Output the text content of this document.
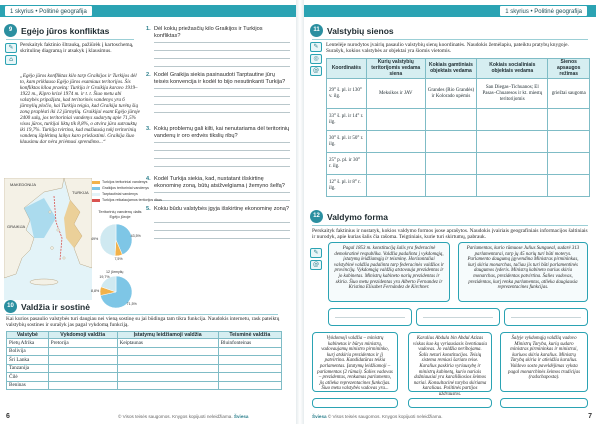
1 skyrius • Politinė geografija
9	Egėjo jūros konfliktas
✎
⌂
Perskaityk faktinio šltrauką, pažiūrėk į kartoschemą, skritulinę diagramą ir atsakyk į klausimus.
„Egėjo jūros konfliktas kilo tarp Graikijos ir Turkijos dėl to, kam priklauso Egėjo jūros esamiaus teritorijos. Šis konfliktas kiloa praeitą: Turkija ir Graikija karavo 1919–1922 m., Kipro krizė 1974 m. ir t. t. Šiuo metu abi valstybės pripažįsta, kad teritorinės vandenys yra 6 jūrmylių pločio, kai Turkija teigia, kad Graikija turėtų šią zoną praplėsti iki 12 jūrmylių. Graikijai esant Egėjo jūroje 2400 salų, jos teritoriniai vandenys sudarytų apie 71,5% visos jūros, turkijai liktų tik 8,8%, o atvira jūra sutrauktų iki 19,7%. Turkija tvirtina, kad mažiausią tokį teritorinių vandenų išplėtimą laikys karo priežastimi. Graikija šiuo klausimu dar nėra priėmusi sprendimo...“
MAKEDONIJA
GRAIKIJA
TURKIJA
Teritorinių vandenų dalis Egėjo jūroje
10 Valdžia ir sostinė
Kai kurios pasaulio valstybės turi daugiau nei vieną sostinę su jai būdinga tam tikra funkcija. Naudokis internetu, rask pateiktų valstybių sostines ir surašyk jas pagal vykdomą funkciją.
Valstybė	Vykdomoji valdžia	Įstatymų leidžiamoji valdžia	Teisminė valdžia
Pietų Afrika	Pretorija	Keiptaunas	Bluinfonteinas
Bolivija			
Šri Lanka			
Tanzanija			
Čilė			
Beninas			
6	© Visos teisės saugomos. Knygos kopijuoti neleidžiama. Šviesa
1. Dėl kokių priežasčių kilo Graikijos ir Turkijos konfliktas?
2. Kodėl Graikija siekia pasinaudoti Tarptautine jūrų teisės konvencija ir kodėl to bijo nesutinkanti Turkija?
3. Kokių problemų gali kilti, kai nenutariama dėl teritorinių vandenų ir oro erdvės tikslių ribų?
4. Kodėl Turkija siekia, kad, nustatant išskirtinę ekonominę zoną, būtų atsižvelgiama į žemyno šelfą?
5. Kokiu būdu valstybės įgyja išskirtinę ekonominę zoną?
Turkijos teritoriniai vandenys
Graikijos teritoriniai vandenys
Tarptautiniai vandenys
Turkijos reikalaujamos teritorijos ribos
43,5%
7,5%
49%
71,5%
8,8%
19,7%
12 jūrmylių
1 skyrius • Politinė geografija
11 Valstybių sienos
✎
◎
@
Lentelėje nurodytos įvairių pasaulio valstybių sienų koordinatės. Naudokis žemėlapiu, pateiktu pratybų knygoje. Surašyk, kokios valstybės ar objektai yra šiomis vietomis.
Koordinatės	Kurių valstybių teritorijomis vedama siena	Kokiais gamtiniais objektais vedama	Kokiais socialiniais objektais vedama	Sienos apsaugos režimas
29° š. pl. ir 130° v. ilg.	Meksikos ir JAV	Grandes (Rio Grandės) ir Kolorado upėmis	San Diegas–Tichuanos; El Pasas–Chuaresos ir kt. miestų teritorijomis	griežtai saugoma
33° š. pl. ir 14° r. ilg.				
30° š. pl. ir 50° r. ilg.				
25° p. pl. ir 30° r. ilg.				
12° š. pl. ir 8° r. ilg.				
12 Valdymo forma
Perskaityk faktinius ir nustatyk, kokios valdymo formos įsose aprašytos. Naudokis įvairiais geografiniais informacijos šaltiniais ir nurodyk, apie kurias šalis čia rašoma. Teigtiniais, kurie turi skirtumų, pabrauk.
✎
@
Pagal 1853 m. konstituciją šalis yra federacinė demokratinė respublika. Valdžia padalinta į vykdomąją, įstatymų leidžiamąją ir teisminę. Horizontaliai valstybinė valdžia padalinta tarp federacinės valdžios ir provincijų. Vykdomąją valdžią atstovauja prezidentas ir jo kabinetas. Ministrų kabineto narių prezidentas ir skiria. Šiuo metu prezidentas yra Alberto Fernandez ir Kristina Elisabet Fernández de Kirchner.
Parlamentas, kurio rūmuose Julius Sungueal, sudarė 313 parlamentarai, tarp jų 45 narių turi būti moterys. Parlamento daugumą įgyvendina Ministras pirmininkas, kurį skiria monarchas, tačiau jis turi būti parlamentinės daugumos lyderis. Ministrų kabineto narius skiria monarchas, prezidentas patvirtina. Šalies vadovas, prezidentas, kurį renka parlamentas, atlieka daugiausia reprezentacines funkcijas.
Vykdomoji valdžia – ministrų kabinetas ir būrys ministrų, vadovaujamų ministro pirmininko, kurį atskiria prezidentas ir jį patvirtina. Kandidatūras teikia parlamentas. Įstatymų leidžiamoji – parlamentas (2 rūmai). Šalies vadovas – prezidentas, renkamas parlamento, jis atlieka reprezentacines funkcijas. Šiuo metu valstybės vadovas yra...
Karalius Abdula bin Abdul Azizas viskas kuo ką vyriausiasis šventiausia vadovas. Jo valdžia neribojama. Šalis neturi konstitucijos. Teisių sistema remiasi šariato teise. Karalius paskiria vyriausybę ir ministrų kabinetą, kurio nariais dažniausiai yra karališkosios šeimos nariai. Konsultacinė taryba skiriama karaliaus. Politinės partijos uždraustos.
Šalyje vykdomąją valdžią vadovo Ministrų Taryba, kurią sudaro ministras pirmininkas ir ministrai, kuriuos skiria karalius. Ministrų Tarybą skiria ir atleidžia karalius. Valdovo sosto paveldėjimas vyksta pagal monarchinės šeimos tradicijas (radschaposta).
Šviesa © Visos teisės saugomos. Knygos kopijuoti neleidžiama.	7
